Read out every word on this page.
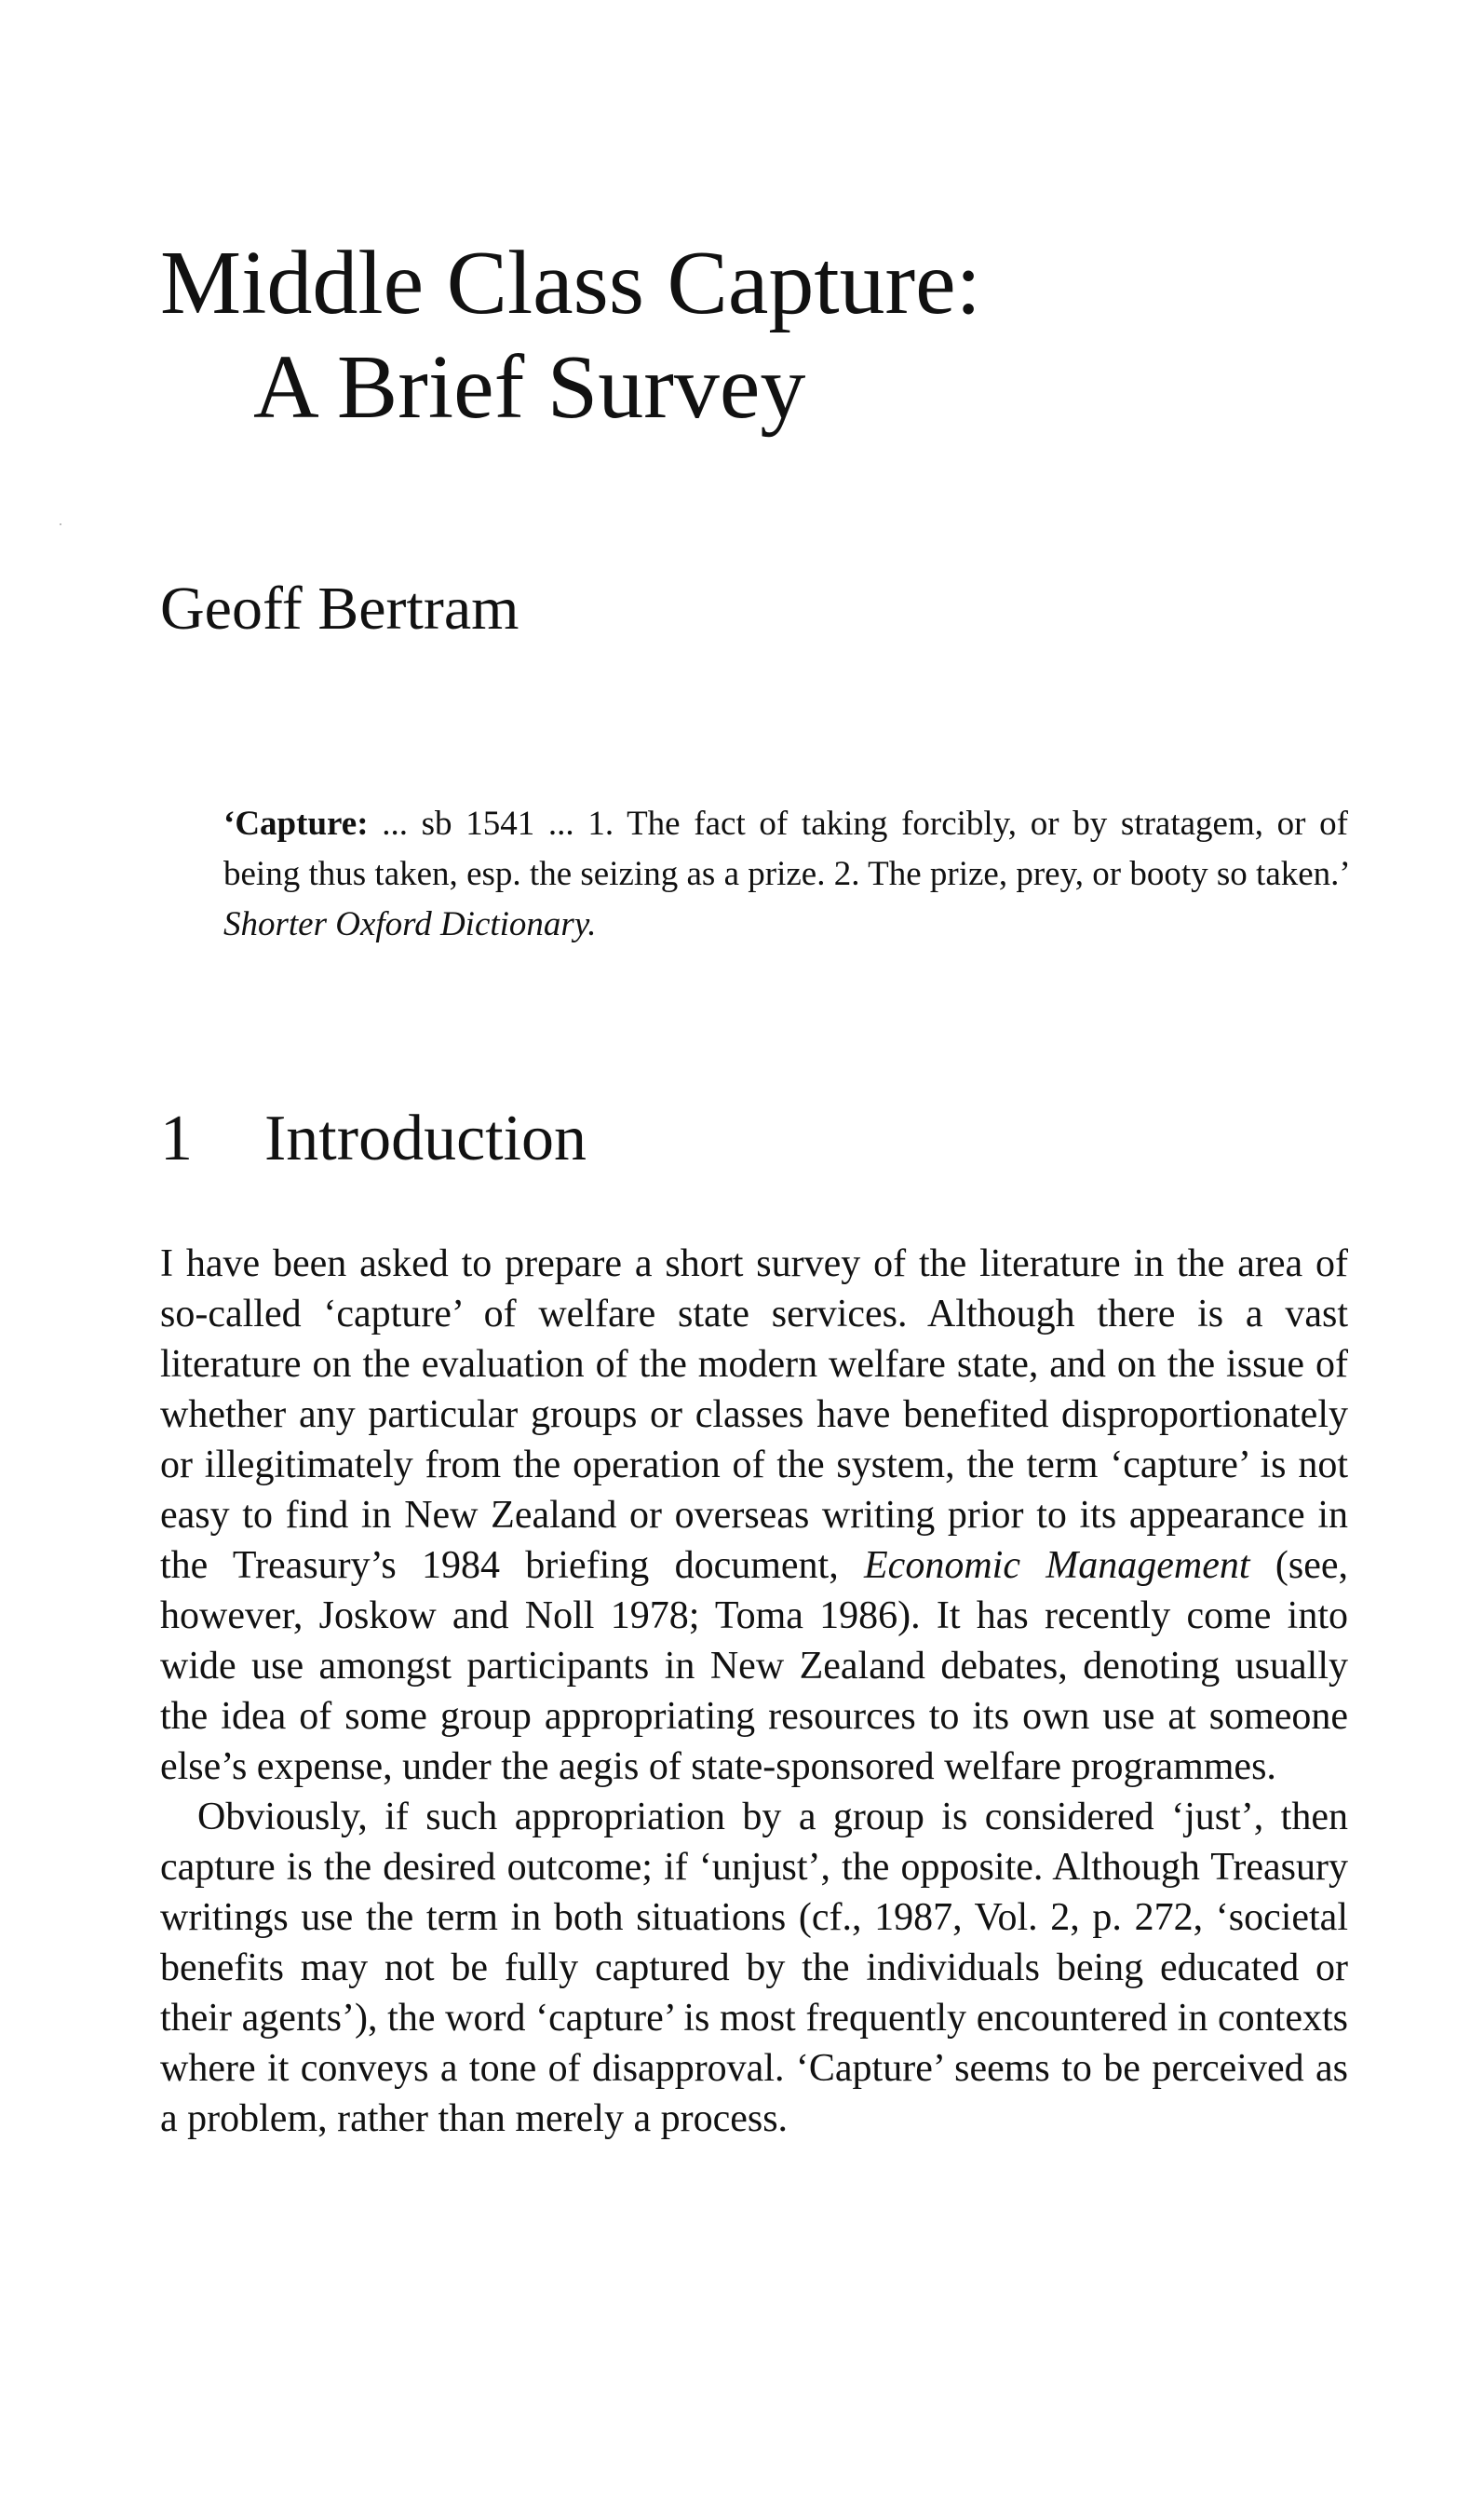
Middle Class Capture:
A Brief Survey
Geoff Bertram

‘Capture: ... sb 1541 ... 1. The fact of taking forcibly, or by stratagem, or of being thus taken, esp. the seizing as a prize. 2. The prize, prey, or booty so taken.’ Shorter Oxford Dictionary.

1 Introduction

I have been asked to prepare a short survey of the literature in the area of so-called ‘capture’ of welfare state services. Although there is a vast literature on the evaluation of the modern welfare state, and on the issue of whether any particular groups or classes have benefited disproportionately or illegitimately from the operation of the system, the term ‘capture’ is not easy to find in New Zealand or overseas writing prior to its appearance in the Treasury’s 1984 briefing document, Economic Management (see, however, Joskow and Noll 1978; Toma 1986). It has recently come into wide use amongst participants in New Zealand debates, denoting usually the idea of some group appropriating resources to its own use at someone else’s expense, under the aegis of state-sponsored welfare programmes.

Obviously, if such appropriation by a group is considered ‘just’, then capture is the desired outcome; if ‘unjust’, the opposite. Although Treasury writings use the term in both situations (cf., 1987, Vol. 2, p. 272, ‘societal benefits may not be fully captured by the individuals being educated or their agents’), the word ‘capture’ is most frequently encountered in contexts where it conveys a tone of disapproval. ‘Capture’ seems to be perceived as a problem, rather than merely a process.
